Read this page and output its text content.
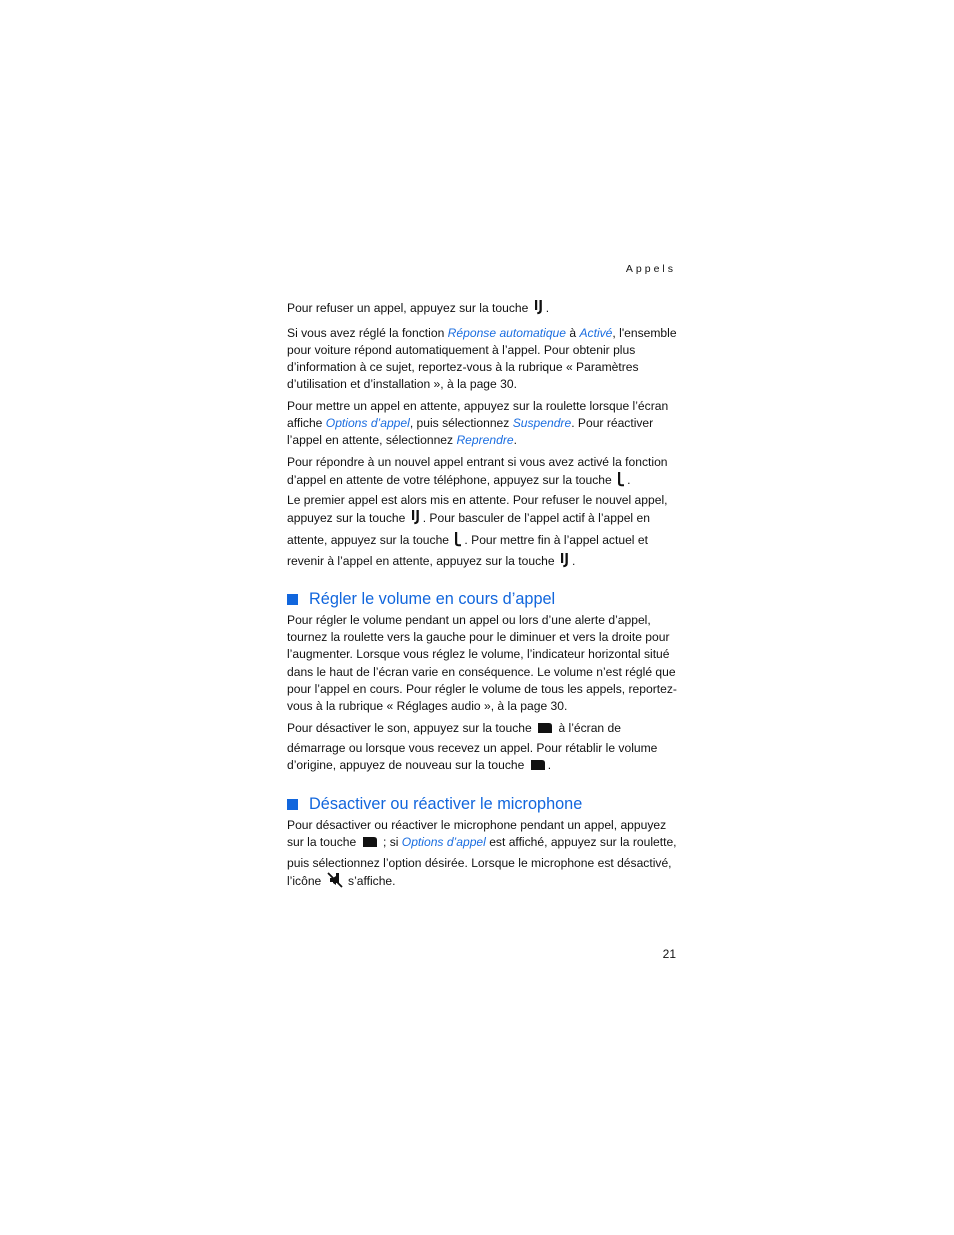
Appels

Pour refuser un appel, appuyez sur la touche .

Si vous avez réglé la fonction Réponse automatique à Activé, l'ensemble pour voiture répond automatiquement à l’appel. Pour obtenir plus d’information à ce sujet, reportez-vous à la rubrique « Paramètres d’utilisation et d’installation », à la page 30.

Pour mettre un appel en attente, appuyez sur la roulette lorsque l’écran affiche Options d’appel, puis sélectionnez Suspendre. Pour réactiver l’appel en attente, sélectionnez Reprendre.

Pour répondre à un nouvel appel entrant si vous avez activé la fonction d’appel en attente de votre téléphone, appuyez sur la touche .
Le premier appel est alors mis en attente. Pour refuser le nouvel appel, appuyez sur la touche . Pour basculer de l’appel actif à l’appel en attente, appuyez sur la touche . Pour mettre fin à l’appel actuel et revenir à l’appel en attente, appuyez sur la touche .

Régler le volume en cours d’appel

Pour régler le volume pendant un appel ou lors d’une alerte d’appel, tournez la roulette vers la gauche pour le diminuer et vers la droite pour l’augmenter. Lorsque vous réglez le volume, l’indicateur horizontal situé dans le haut de l’écran varie en conséquence. Le volume n’est réglé que pour l’appel en cours. Pour régler le volume de tous les appels, reportez-vous à la rubrique « Réglages audio », à la page 30.

Pour désactiver le son, appuyez sur la touche  à l’écran de démarrage ou lorsque vous recevez un appel. Pour rétablir le volume d’origine, appuyez de nouveau sur la touche .

Désactiver ou réactiver le microphone

Pour désactiver ou réactiver le microphone pendant un appel, appuyez sur la touche  ; si Options d’appel est affiché, appuyez sur la roulette, puis sélectionnez l’option désirée. Lorsque le microphone est désactivé, l’icône  s’affiche.

21
